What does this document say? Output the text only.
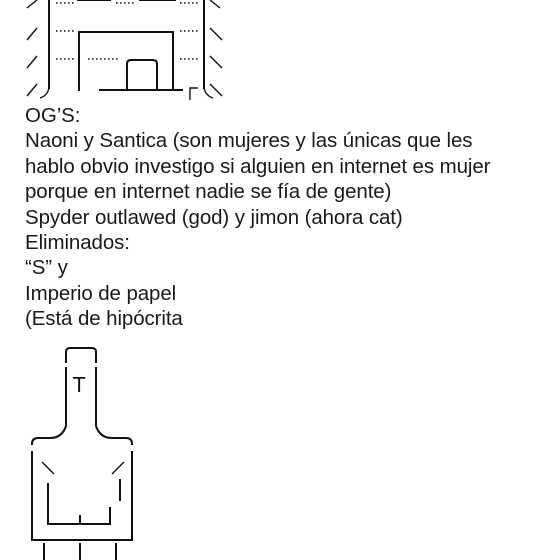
OG’S:
Naoni y Santica (son mujeres y las únicas que les
hablo obvio investigo si alguien en internet es mujer
porque en internet nadie se fía de gente)
Spyder outlawed (god) y jimon (ahora cat)
Eliminados:
“S” y
Imperio de papel
(Está de hipócrita
T
